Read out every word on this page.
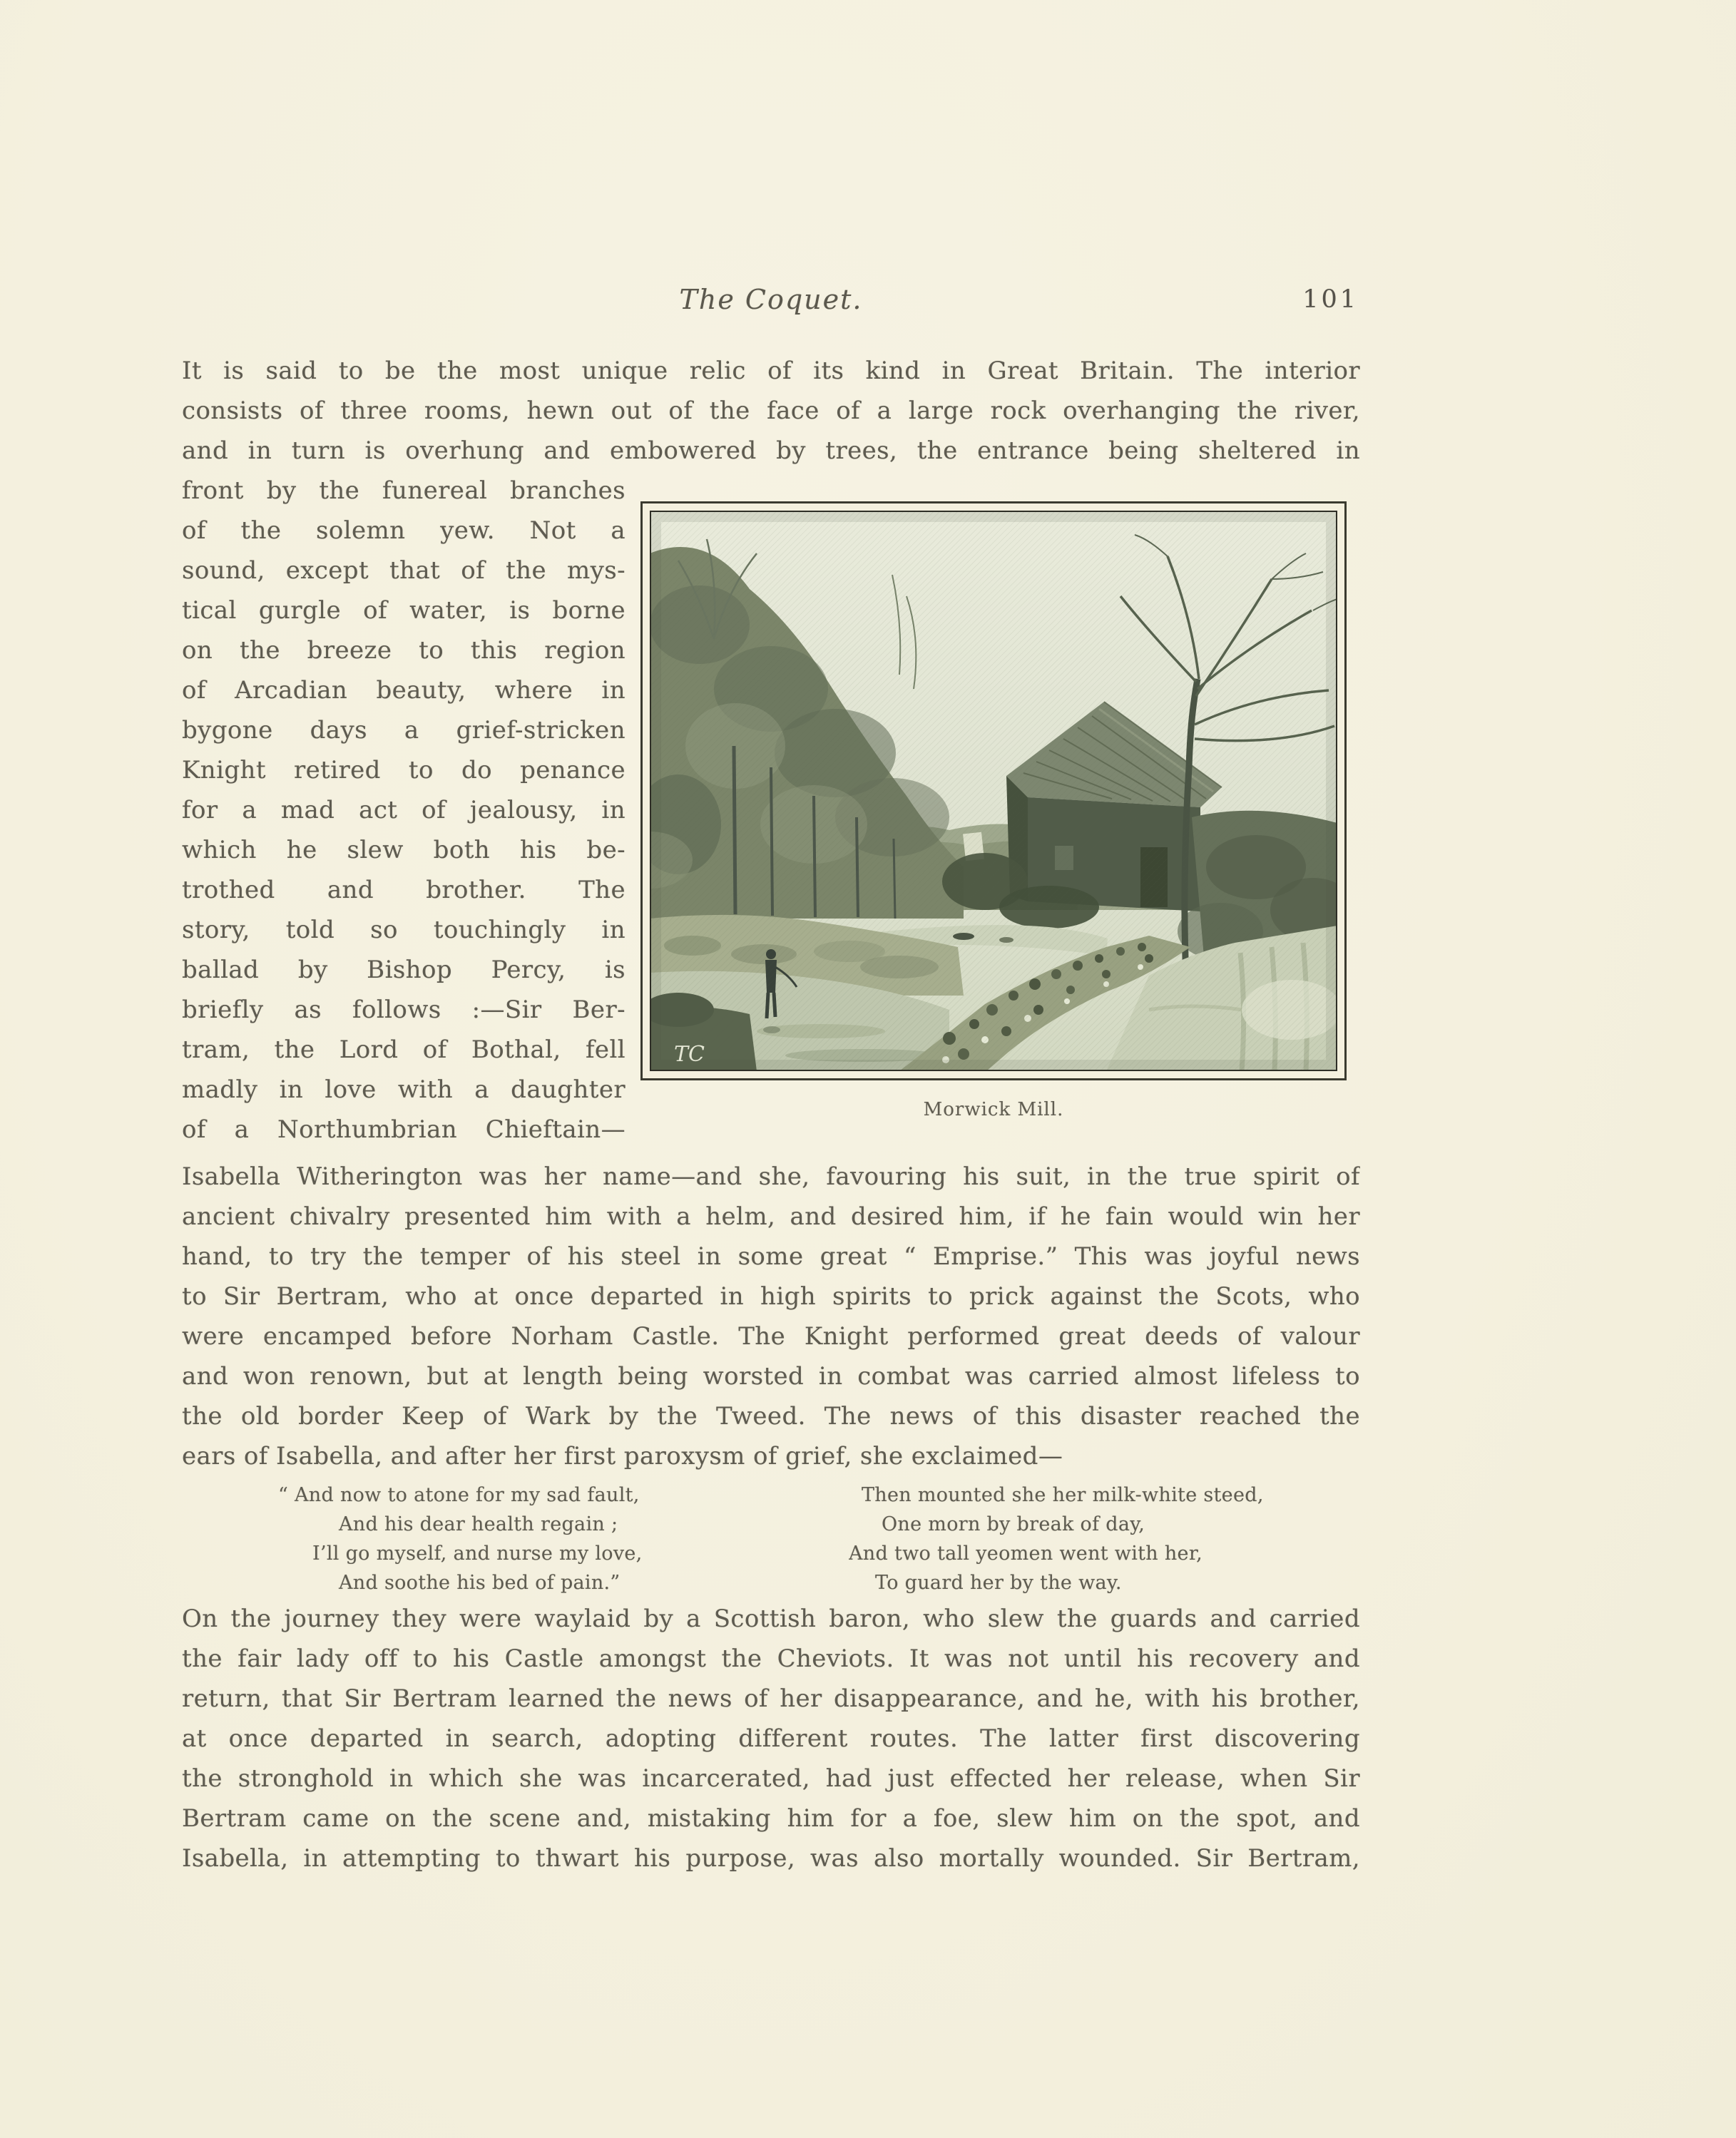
The Coquet.	101
It is said to be the most unique relic of its kind in Great Britain. The interior
consists of three rooms, hewn out of the face of a large rock overhanging the river,
and in turn is overhung and embowered by trees, the entrance being sheltered in
front by the funereal branches
of the solemn yew. Not a
sound, except that of the mys-
tical gurgle of water, is borne
on the breeze to this region
of Arcadian beauty, where in
bygone days a grief-stricken
Knight retired to do penance
for a mad act of jealousy, in
which he slew both his be-
trothed and brother. The
story, told so touchingly in
ballad by Bishop Percy, is
briefly as follows :—Sir Ber-
tram, the Lord of Bothal, fell
madly in love with a daughter
of a Northumbrian Chieftain—
TC
Morwick Mill.
Isabella Witherington was her name—and she, favouring his suit, in the true spirit of
ancient chivalry presented him with a helm, and desired him, if he fain would win her
hand, to try the temper of his steel in some great “ Emprise.” This was joyful news
to Sir Bertram, who at once departed in high spirits to prick against the Scots, who
were encamped before Norham Castle. The Knight performed great deeds of valour
and won renown, but at length being worsted in combat was carried almost lifeless to
the old border Keep of Wark by the Tweed. The news of this disaster reached the
ears of Isabella, and after her first paroxysm of grief, she exclaimed—
“ And now to atone for my sad fault,
And his dear health regain ;
I’ll go myself, and nurse my love,
And soothe his bed of pain.”
Then mounted she her milk-white steed,
One morn by break of day,
And two tall yeomen went with her,
To guard her by the way.
On the journey they were waylaid by a Scottish baron, who slew the guards and carried
the fair lady off to his Castle amongst the Cheviots. It was not until his recovery and
return, that Sir Bertram learned the news of her disappearance, and he, with his brother,
at once departed in search, adopting different routes. The latter first discovering
the stronghold in which she was incarcerated, had just effected her release, when Sir
Bertram came on the scene and, mistaking him for a foe, slew him on the spot, and
Isabella, in attempting to thwart his purpose, was also mortally wounded. Sir Bertram,
